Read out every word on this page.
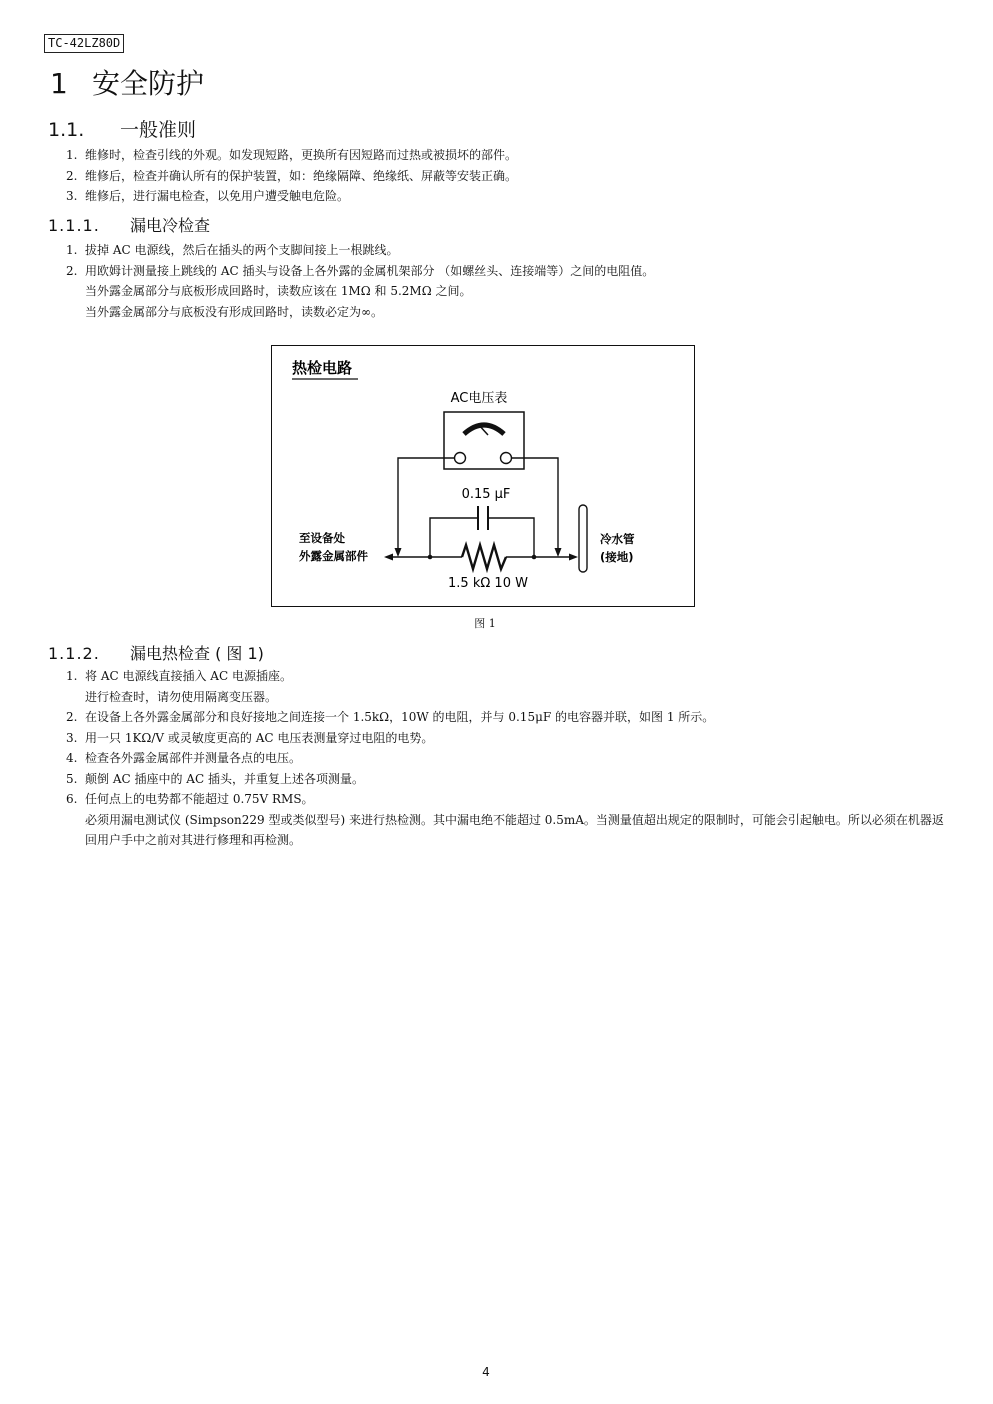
TC-42LZ80D
1 安全防护
1.1. 一般准则
1. 维修时，检查引线的外观。如发现短路，更换所有因短路而过热或被损坏的部件。
2. 维修后，检查并确认所有的保护装置，如：绝缘隔障、绝缘纸、屏蔽等安装正确。
3. 维修后，进行漏电检查，以免用户遭受触电危险。
1.1.1. 漏电冷检查
1. 拔掉 AC 电源线，然后在插头的两个支脚间接上一根跳线。
2. 用欧姆计测量接上跳线的 AC 插头与设备上各外露的金属机架部分 （如螺丝头、连接端等）之间的电阻值。
当外露金属部分与底板形成回路时，读数应该在 1MΩ 和 5.2MΩ 之间。
当外露金属部分与底板没有形成回路时，读数必定为∞。
热检电路
AC电压表
0.15 μF
1.5 kΩ 10 W
至设备处
外露金属部件
冷水管
(接地)
图 1
1.1.2. 漏电热检查 ( 图 1)
1. 将 AC 电源线直接插入 AC 电源插座。
进行检查时，请勿使用隔离变压器。
2. 在设备上各外露金属部分和良好接地之间连接一个 1.5kΩ，10W 的电阻，并与 0.15μF 的电容器并联，如图 1 所示。
3. 用一只 1KΩ/V 或灵敏度更高的 AC 电压表测量穿过电阻的电势。
4. 检查各外露金属部件并测量各点的电压。
5. 颠倒 AC 插座中的 AC 插头，并重复上述各项测量。
6. 任何点上的电势都不能超过 0.75V RMS。
必须用漏电测试仪 (Simpson229 型或类似型号) 来进行热检测。其中漏电绝不能超过 0.5mA。当测量值超出规定的限制时，可能会引起触电。所以必须在机器返回用户手中之前对其进行修理和再检测。
4
